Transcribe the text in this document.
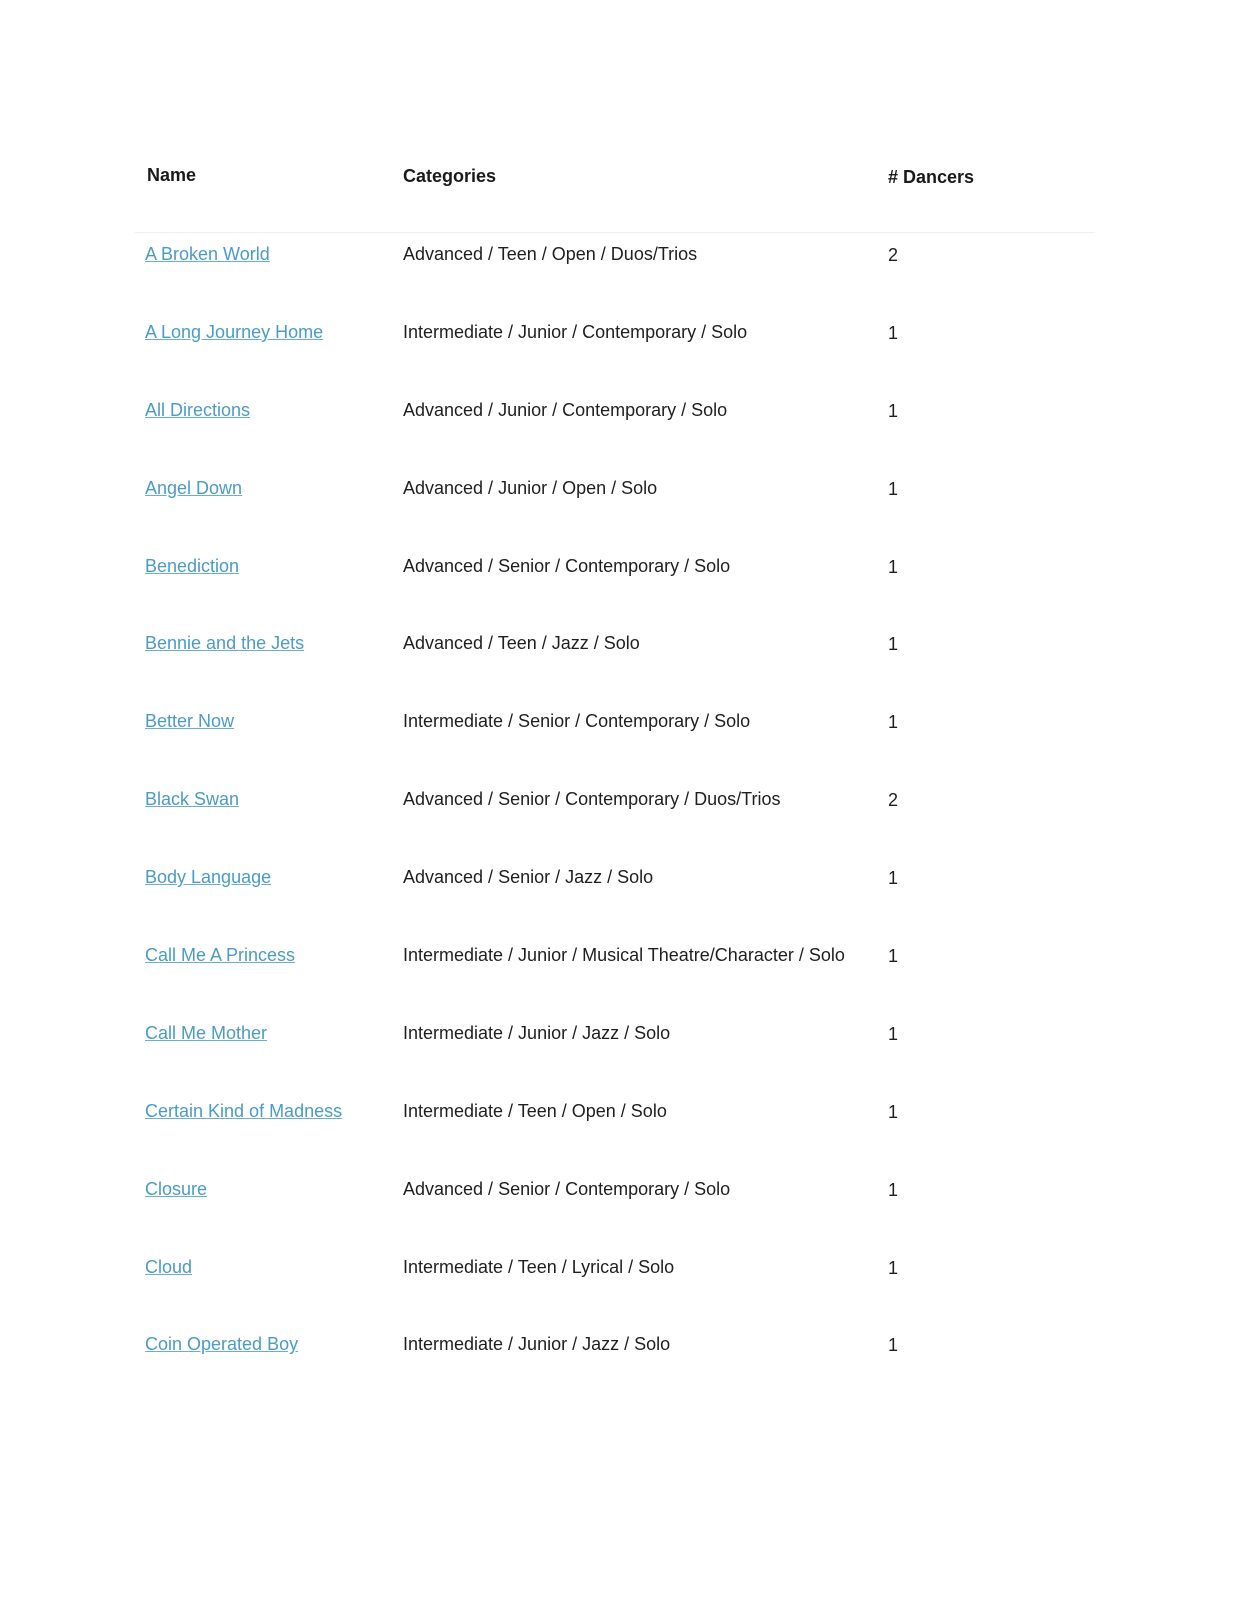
Name	Categories	# Dancers
A Broken World	Advanced / Teen / Open / Duos/Trios	2
A Long Journey Home	Intermediate / Junior / Contemporary / Solo	1
All Directions	Advanced / Junior / Contemporary / Solo	1
Angel Down	Advanced / Junior / Open / Solo	1
Benediction	Advanced / Senior / Contemporary / Solo	1
Bennie and the Jets	Advanced / Teen / Jazz / Solo	1
Better Now	Intermediate / Senior / Contemporary / Solo	1
Black Swan	Advanced / Senior / Contemporary / Duos/Trios	2
Body Language	Advanced / Senior / Jazz / Solo	1
Call Me A Princess	Intermediate / Junior / Musical Theatre/Character / Solo 1
Call Me Mother	Intermediate / Junior / Jazz / Solo	1
Certain Kind of Madness	Intermediate / Teen / Open / Solo	1
Closure	Advanced / Senior / Contemporary / Solo	1
Cloud	Intermediate / Teen / Lyrical / Solo	1
Coin Operated Boy	Intermediate / Junior / Jazz / Solo	1
